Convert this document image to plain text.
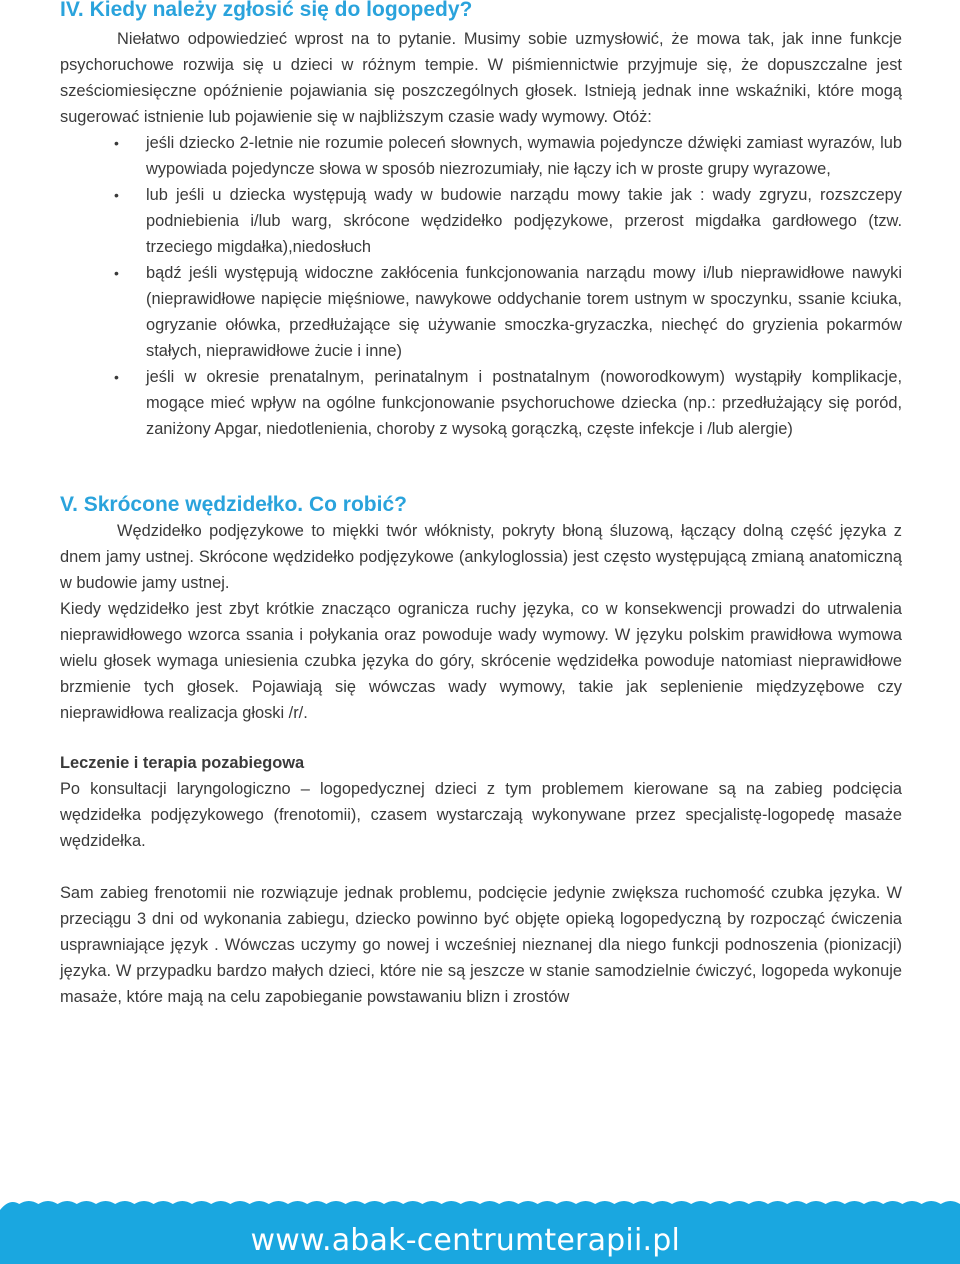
IV. Kiedy należy zgłosić się do logopedy?

Niełatwo odpowiedzieć wprost na to pytanie. Musimy sobie uzmysłowić, że mowa tak, jak inne funkcje psychoruchowe rozwija się u dzieci w różnym tempie. W piśmiennictwie przyjmuje się, że dopuszczalne jest sześciomiesięczne opóźnienie pojawiania się poszczególnych głosek. Istnieją jednak inne wskaźniki, które mogą sugerować istnienie lub pojawienie się w najbliższym czasie wady wymowy. Otóż:

• jeśli dziecko 2-letnie nie rozumie poleceń słownych, wymawia pojedyncze dźwięki zamiast wyrazów, lub wypowiada pojedyncze słowa w sposób niezrozumiały, nie łączy ich w proste grupy wyrazowe,
• lub jeśli u dziecka występują wady w budowie narządu mowy takie jak : wady zgryzu, rozszczepy podniebienia i/lub warg, skrócone wędzidełko podjęzykowe, przerost migdałka gardłowego (tzw. trzeciego migdałka),niedosłuch
• bądź jeśli występują widoczne zakłócenia funkcjonowania narządu mowy i/lub nieprawidłowe nawyki (nieprawidłowe napięcie mięśniowe, nawykowe oddychanie torem ustnym w spoczynku, ssanie kciuka, ogryzanie ołówka, przedłużające się używanie smoczka-gryzaczka, niechęć do gryzienia pokarmów stałych, nieprawidłowe żucie i inne)
• jeśli w okresie prenatalnym, perinatalnym i postnatalnym (noworodkowym) wystąpiły komplikacje, mogące mieć wpływ na ogólne funkcjonowanie psychoruchowe dziecka (np.: przedłużający się poród, zaniżony Apgar, niedotlenienia, choroby z wysoką gorączką, częste infekcje i /lub alergie)
V. Skrócone wędzidełko. Co robić?

Wędzidełko podjęzykowe to miękki twór włóknisty, pokryty błoną śluzową, łączący dolną część języka z dnem jamy ustnej. Skrócone wędzidełko podjęzykowe (ankyloglossia) jest często występującą zmianą anatomiczną w budowie jamy ustnej.

Kiedy wędzidełko jest zbyt krótkie znacząco ogranicza ruchy języka, co w konsekwencji prowadzi do utrwalenia nieprawidłowego wzorca ssania i połykania oraz powoduje wady wymowy. W języku polskim prawidłowa wymowa wielu głosek wymaga uniesienia czubka języka do góry, skrócenie wędzidełka powoduje natomiast nieprawidłowe brzmienie tych głosek. Pojawiają się wówczas wady wymowy, takie jak seplenienie międzyzębowe czy nieprawidłowa realizacja głoski /r/.

Leczenie i terapia pozabiegowa

Po konsultacji laryngologiczno – logopedycznej dzieci z tym problemem kierowane są na zabieg podcięcia wędzidełka podjęzykowego (frenotomii), czasem wystarczają wykonywane przez specjalistę-logopedę masaże wędzidełka.

Sam zabieg frenotomii nie rozwiązuje jednak problemu, podcięcie jedynie zwiększa ruchomość czubka języka. W przeciągu 3 dni od wykonania zabiegu, dziecko powinno być objęte opieką logopedyczną by rozpocząć ćwiczenia usprawniające język . Wówczas uczymy go nowej i wcześniej nieznanej dla niego funkcji podnoszenia (pionizacji) języka. W przypadku bardzo małych dzieci, które nie są jeszcze w stanie samodzielnie ćwiczyć, logopeda wykonuje masaże, które mają na celu zapobieganie powstawaniu blizn i zrostów

www.abak-centrumterapii.pl
